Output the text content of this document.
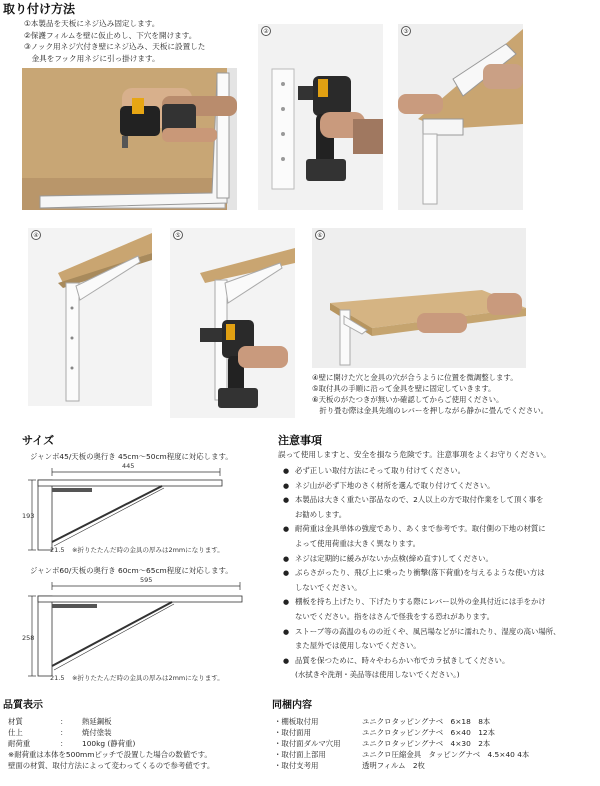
取り付け方法
①本製品を天板にネジ込み固定します。
②保護フィルムを壁に仮止めし、下穴を開けます。
③ノック用ネジ穴付き壁にネジ込み、天板に設置した
　金具をフック用ネジに引っ掛けます。
②	③
④	⑤	⑥
④壁に開けた穴と金具の穴が合うように位置を微調整します。
⑤取付具の手順に沿って金具を壁に固定していきます。
⑥天板のがたつきが無いか確認してからご使用ください。
　折り畳む際は金具先端のレバーを押しながら静かに畳んでください。
サイズ
ジャンボ45/天板の奥行き 45cm〜50cm程度に対応します。
445
193
21.5 ※折りたたんだ時の金具の厚みは2mmになります。
ジャンボ60/天板の奥行き 60cm〜65cm程度に対応します。
595
258
21.5 ※折りたたんだ時の金具の厚みは2mmになります。
注意事項
誤って使用しますと、安全を損なう危険です。注意事項をよくお守りください。
● 必ず正しい取付方法にそって取り付けてください。
● ネジ山が必ず下地のさく材所を選んで取り付けてください。
● 本製品は大きく重たい部品なので、2人以上の方で取付作業をして頂く事を
お勧めします。
● 耐荷重は金具単体の強度であり、あくまで参考です。取付側の下地の材質に
よって使用荷重は大きく異なります。
● ネジは定期的に緩みがないか点検(締め直す)してください。
● ぶらさがったり、飛び上に乗ったり衝撃(落下荷重)を与えるような使い方は
しないでください。
● 棚板を持ち上げたり、下げたりする際にレバー以外の金具付近には手をかけ
ないでください。指をはさんで怪我をする恐れがあります。
● ストーブ等の高温のものの近くや、風呂場などがに濡れたり、湿度の高い場所、
また屋外では使用しないでください。
● 品質を保つために、時々やわらかい布でカラ拭きしてください。
(水拭きや洗剤・美品等は使用しないでください。)
品質表示
材質	：	熱延鋼板
仕上	：	焼付塗装
耐荷重	：	100kg (静荷重)
※耐荷重は本体を500mmピッチで設置した場合の数値です。
壁面の材質、取付方法によって変わってくるので参考値です。
同梱内容
・棚板取付用	ユニクロタッピングナベ　6×18　8本
・取付面用	ユニクロタッピングナベ　6×40　12本
・取付面ダルマ穴用	ユニクロタッピングナベ　4×30　2本
・取付面上部用	ユニクロ圧縮金具　タッピングナベ　4.5×40 4本
・取付支考用	透明フィルム　2枚
